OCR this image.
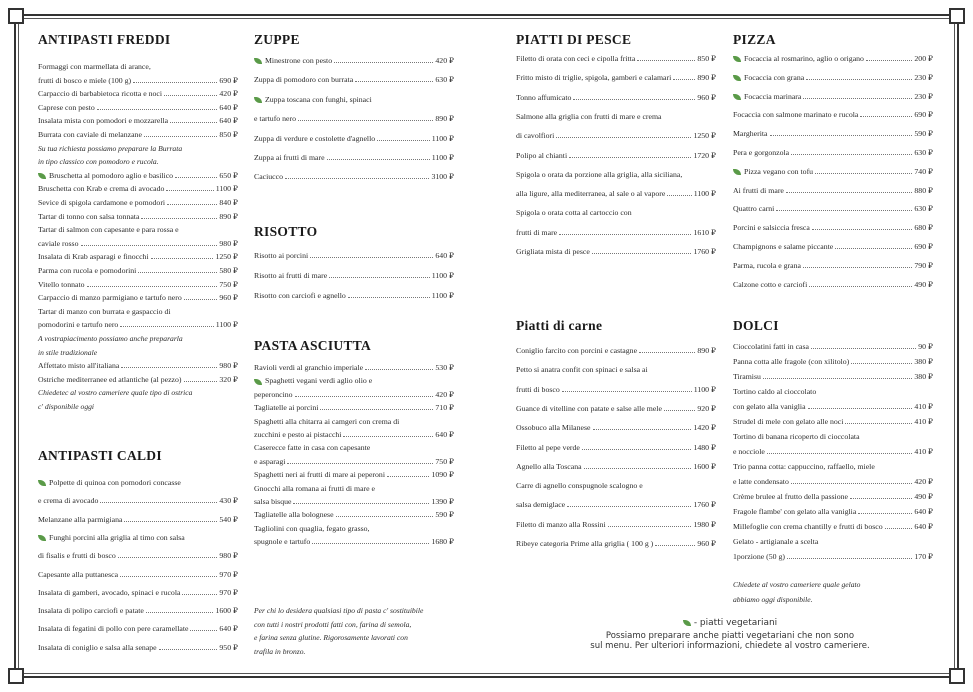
ANTIPASTI FREDDI
Formaggi con marmellata di arance,
frutti di bosco e miele (100 g)	690 ₽
Carpaccio di barbabietoca ricotta e noci	420 ₽
Caprese con pesto	640 ₽
Insalata mista con pomodori e mozzarella	640 ₽
Burrata con caviale di melanzane	850 ₽
Su tua richiesta possiamo preparare la Burrata
in tipo classico con pomodoro e rucola.
Bruschetta al pomodoro aglio e basilico	650 ₽
Bruschetta con Krab e crema di avocado	1100 ₽
Sevice di spigola cardamone e pomodori	840 ₽
Tartar di tonno con salsa tonnata	890 ₽
Tartar di salmon con capesante e para rossa e
caviale rosso	980 ₽
Insalata di Krab asparagi e finocchi	1250 ₽
Parma con rucola e pomodorini	580 ₽
Vitello tonnato	750 ₽
Carpaccio di manzo parmigiano e tartufo nero	960 ₽
Tartar di manzo con burrata e gaspaccio di
pomodorini e tartufo nero	1100 ₽
A vostrapiacimento possiamo anche prepararla
in stile tradizionale
Affettato misto all'italiana	980 ₽
Ostriche mediterranee ed atlantiche (al pezzo)	320 ₽
Chiedetec al vostro cameriere quale tipo di ostrica
c' disponibile oggi
ANTIPASTI CALDI
Polpette di quinoa con pomodori concasse
e crema di avocado	430 ₽
Melanzane alla parmigiana	540 ₽
Funghi porcini alla griglia al timo con salsa
di fisalis e frutti di bosco	980 ₽
Capesante alla puttanesca	970 ₽
Insalata di gamberi, avocado, spinaci e rucola	970 ₽
Insalata di polipo carciofi e patate	1600 ₽
Insalata di fegatini di pollo con pere caramellate	640 ₽
Insalata di coniglio e salsa alla senape	950 ₽
ZUPPE
Minestrone con pesto	420 ₽
Zuppa di pomodoro con burrata	630 ₽
Zuppa toscana con funghi, spinaci
e tartufo nero	890 ₽
Zuppa di verdure e costolette d'agnello	1100 ₽
Zuppa ai frutti di mare	1100 ₽
Caciucco	3100 ₽
RISOTTO
Risotto ai porcini	640 ₽
Risotto ai frutti di mare	1100 ₽
Risotto con carciofi e agnello	1100 ₽
PASTA ASCIUTTA
Ravioli verdi al granchio imperiale	530 ₽
Spaghetti vegani verdi aglio olio e
peperoncino	420 ₽
Tagliatelle ai porcini	710 ₽
Spaghetti alla chitarra ai camgeri con crema di
zucchini e pesto ai pistacchi	640 ₽
Caserecce fatte in casa con capesante
e asparagi	750 ₽
Spaghetti neri ai frutti di mare ai peperoni	1090 ₽
Gnocchi alla romana ai frutti di mare e
salsa bisque	1390 ₽
Tagliatelle alla bolognese	590 ₽
Tagliolini con quaglia, fegato grasso,
spugnole e tartufo	1680 ₽
PIATTI DI PESCE
Filetto di orata con ceci e cipolla fritta	850 ₽
Fritto misto di triglie, spigola, gamberi e calamari	890 ₽
Tonno affumicato	960 ₽
Salmone alla griglia con frutti di mare e crema
di cavolfiori	1250 ₽
Polipo al chianti	1720 ₽
Spigola o orata da porzione alla griglia, alla siciliana,
alla ligure, alla mediterranea, al sale o al vapore	1100 ₽
Spigola o orata cotta al cartoccio con
frutti di mare	1610 ₽
Grigliata mista di pesce	1760 ₽
Piatti di carne
Coniglio farcito con porcini e castagne	890 ₽
Petto si anatra confit con spinaci e salsa ai
frutti di bosco	1100 ₽
Guance di vitelline con patate e salse alle mele	920 ₽
Ossobuco alla Milanese	1420 ₽
Filetto al pepe verde	1480 ₽
Agnello alla Toscana	1600 ₽
Carre di agnello conspugnole scalogno e
salsa demiglace	1760 ₽
Filetto di manzo alla Rossini	1980 ₽
Ribeye categoria Prime alla griglia ( 100 g )	960 ₽
PIZZA
Focaccia al rosmarino, aglio o origano	200 ₽
Focaccia con grana	230 ₽
Focaccia marinara	230 ₽
Focaccia con salmone marinato e rucola	690 ₽
Margherita	590 ₽
Pera e gorgonzola	630 ₽
Pizza vegano con tofu	740 ₽
Ai frutti di mare	880 ₽
Quattro carni	630 ₽
Porcini e salsiccia fresca	680 ₽
Champignons e salame piccante	690 ₽
Parma, rucola e grana	790 ₽
Calzone cotto e carciofi	490 ₽
DOLCI
Cioccolatini fatti in casa	90 ₽
Panna cotta alle fragole (con xilitolo)	380 ₽
Tiramisu	380 ₽
Tortino caldo al cioccolato
con gelato alla vaniglia	410 ₽
Strudel di mele con gelato alle noci	410 ₽
Tortino di banana ricoperto di cioccolata
e nocciole	410 ₽
Trio panna cotta: cappuccino, raffaello, miele
e latte condensato	420 ₽
Crème brulee al frutto della passione	490 ₽
Fragole flambe' con gelato alla vaniglia	640 ₽
Millefoglie con crema chantilly e frutti di bosco	640 ₽
Gelato - artigianale a scelta
1porzione (50 g)	170 ₽
Per chi lo desidera qualsiasi tipo di pasta c' sostituibile
con tutti i nostri prodotti fatti con, farina di semola,
e farina senza glutine. Rigorosamente lavorati con
trafila in bronzo.
Chiedete al vostro cameriere quale gelato
abbiamo oggi disponibile.
- piatti vegetariani
Possiamo preparare anche piatti vegetariani che non sono
sul menu. Per ulteriori informazioni, chiedete al vostro cameriere.
